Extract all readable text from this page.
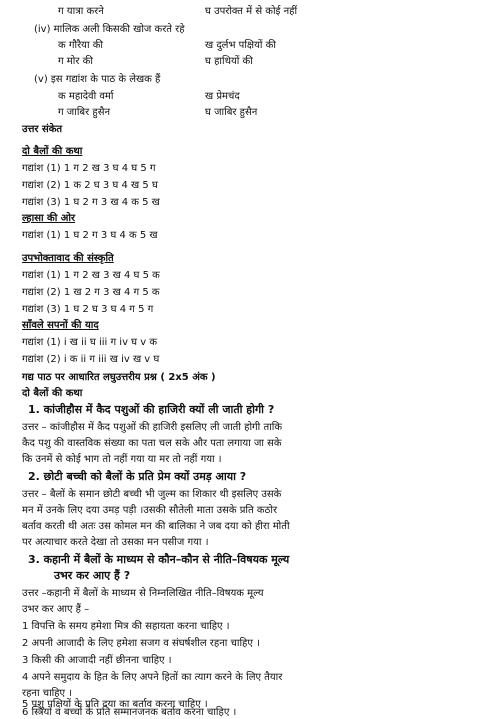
ग यात्रा करने	घ उपरोक्त में से कोई नहीं
(iv) मालिक अली किसकी खोज करते रहे
क गौरैया की	ख दुर्लभ पक्षियों की
ग मोर की	घ हाथियों की
(v) इस गद्यांश के पाठ के लेखक हैं
क महादेवी वर्मा	ख प्रेमचंद
ग जाबिर हुसैन	घ जाबिर हुसैन
उत्तर संकेत
दो बैलों की कथा
गद्यांश (1) 1 ग 2 ख 3 घ 4 घ 5 ग
गद्यांश (2) 1 क 2 घ 3 घ 4 ख 5 घ
गद्यांश (3) 1 घ 2 ग 3 ख 4 क 5 ख
ल्हासा की ओर
गद्यांश (1) 1 घ 2 ग 3 घ 4 क 5 ख
उपभोक्तावाद की संस्कृति
गद्यांश (1) 1 ग 2 ख 3 ख 4 घ 5 क
गद्यांश (2) 1 ख 2 ग 3 ख 4 ग 5 क
गद्यांश (3) 1 घ 2 घ 3 घ 4 ग 5 ग
साँवले सपनों की याद
गद्यांश (1) i ख ii घ iii ग iv घ v क
गद्यांश (2) i क ii ग iii ख iv ख v घ
गद्य पाठ पर आधारित लघुउत्तरीय प्रश्न ( 2x5 अंक )
दो बैलों की कथा
1. कांजीहौस में कैद पशुओं की हाजिरी क्यों ली जाती होगी ?
उत्तर – कांजीहौस में कैद पशुओं की हाजिरी इसलिए ली जाती होगी ताकि
कैद पशु की वास्तविक संख्या का पता चल सके और पता लगाया जा सके
कि उनमें से कोई भाग तो नहीं गया या मर तो नहीं गया ।
2. छोटी बच्ची को बैलों के प्रति प्रेम क्यों उमड़ आया ?
उत्तर – बैलों के समान छोटी बच्ची भी जुल्म का शिकार थी इसलिए उसके
मन में उनके लिए दया उमड़ पड़ी ।उसकी सौतेली माता उसके प्रति कठोर
बर्ताव करती थी अतः उस कोमल मन की बालिका ने जब दया को हीरा मोती
पर अत्याचार करते देखा तो उसका मन पसीज गया ।
3. कहानी में बैलों के माध्यम से कौन–कौन से नीति–विषयक मूल्य
उभर कर आए हैं ?
उत्तर –कहानी में बैलों के माध्यम से निम्नलिखित नीति–विषयक मूल्य
उभर कर आए हैं –
1 विपत्ति के समय हमेशा मित्र की सहायता करना चाहिए ।
2 अपनी आजादी के लिए हमेशा सजग व संघर्षशील रहना चाहिए ।
3 किसी की आजादी नहीं छीनना चाहिए ।
4 अपने समुदाय के हित के लिए अपने हितों का त्याग करने के लिए तैयार
रहना चाहिए ।
5 पशु पक्षियों के प्रति दया का बर्ताव करना चाहिए ।
6 स्त्रियों व बच्चों के प्रति सम्मानजनक बर्ताव करना चाहिए ।
